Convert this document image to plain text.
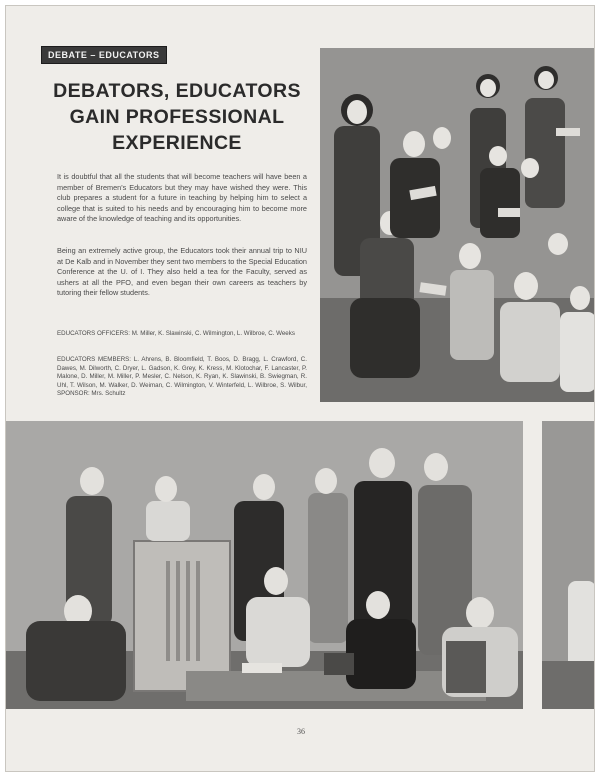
DEBATE – EDUCATORS
DEBATORS, EDUCATORS GAIN PROFESSIONAL EXPERIENCE

It is doubtful that all the students that will become teachers will have been a member of Bremen's Educators but they may have wished they were. This club prepares a student for a future in teaching by helping him to select a college that is suited to his needs and by encouraging him to become more aware of the knowledge of teaching and its opportunities.

Being an extremely active group, the Educators took their annual trip to NIU at De Kalb and in November they sent two members to the Special Education Conference at the U. of I. They also held a tea for the Faculty, served as ushers at all the PFO, and even began their own careers as teachers by tutoring their fellow students.

EDUCATORS OFFICERS: M. Miller, K. Slawinski, C. Wilmington, L. Wilbroe, C. Weeks

EDUCATORS MEMBERS: L. Ahrens, B. Bloomfield, T. Boos, D. Bragg, L. Crawford, C. Dawes, M. Dilworth, C. Dryer, L. Gadson, K. Grey, K. Kress, M. Klotochar, F. Lancaster, P. Malone, D. Miller, M. Miller, P. Mesler, C. Nelson, K. Ryan, K. Slawinski, B. Swiegman, R. Uhl, T. Wilson, M. Walker, D. Weiman, C. Wilmington, V. Winterfeld, L. Wilbroe, S. Wilbur, SPONSOR: Mrs. Schultz

36
